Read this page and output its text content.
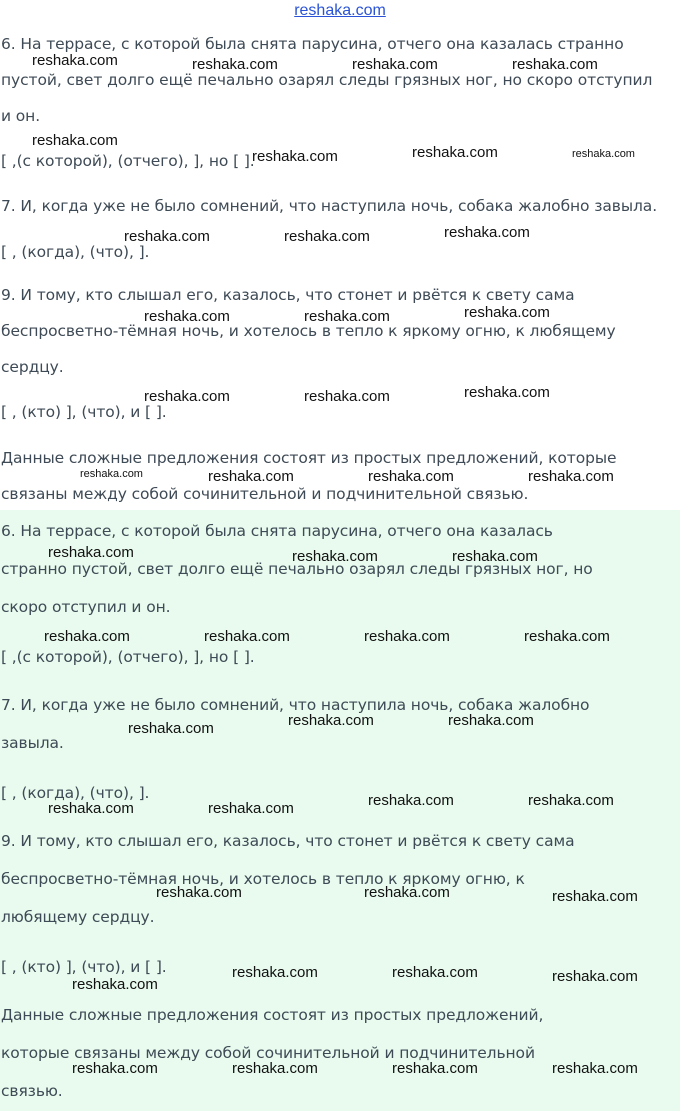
reshaka.com
6. На террасе, с которой была снята парусина, отчего она казалась странно
пустой, свет долго ещё печально озарял следы грязных ног, но скоро отступил
и он.
[ ,(с которой), (отчего), ], но [ ].
7. И, когда уже не было сомнений, что наступила ночь, собака жалобно завыла.
[ , (когда), (что), ].
9. И тому, кто слышал его, казалось, что стонет и рвётся к свету сама
беспросветно-тёмная ночь, и хотелось в тепло к яркому огню, к любящему
сердцу.
[ , (кто) ], (что), и [ ].
Данные сложные предложения состоят из простых предложений, которые
связаны между собой сочинительной и подчинительной связью.
6. На террасе, с которой была снята парусина, отчего она казалась
странно пустой, свет долго ещё печально озарял следы грязных ног, но
скоро отступил и он.
[ ,(с которой), (отчего), ], но [ ].
7. И, когда уже не было сомнений, что наступила ночь, собака жалобно
завыла.
[ , (когда), (что), ].
9. И тому, кто слышал его, казалось, что стонет и рвётся к свету сама
беспросветно-тёмная ночь, и хотелось в тепло к яркому огню, к
любящему сердцу.
[ , (кто) ], (что), и [ ].
Данные сложные предложения состоят из простых предложений,
которые связаны между собой сочинительной и подчинительной
связью.
reshaka.com	reshaka.com	reshaka.com	reshaka.com
reshaka.com
reshaka.com	reshaka.com	reshaka.com
reshaka.com	reshaka.com	reshaka.com
reshaka.com	reshaka.com	reshaka.com
reshaka.com	reshaka.com	reshaka.com
reshaka.com	reshaka.com	reshaka.com	reshaka.com
reshaka.com	reshaka.com	reshaka.com
reshaka.com	reshaka.com	reshaka.com	reshaka.com
reshaka.com	reshaka.com	reshaka.com
reshaka.com	reshaka.com	reshaka.com	reshaka.com
reshaka.com	reshaka.com	reshaka.com
reshaka.com
reshaka.com	reshaka.com	reshaka.com
reshaka.com	reshaka.com	reshaka.com	reshaka.com
